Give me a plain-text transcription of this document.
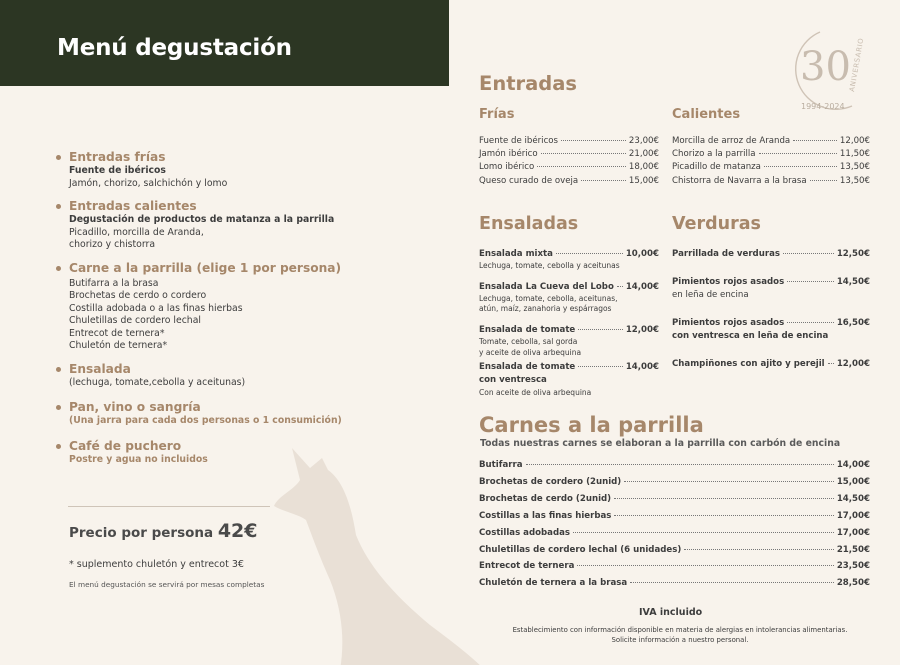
Menú degustación
Entradas frías
Fuente de ibéricos
Jamón, chorizo, salchichón y lomo
Entradas calientes
Degustación de productos de matanza a la parrilla
Picadillo, morcilla de Aranda,
chorizo y chistorra
Carne a la parrilla (elige 1 por persona)
Butifarra a la brasa
Brochetas de cerdo o cordero
Costilla adobada o a las finas hierbas
Chuletillas de cordero lechal
Entrecot de ternera*
Chuletón de ternera*
Ensalada
(lechuga, tomate,cebolla y aceitunas)
Pan, vino o sangría
(Una jarra para cada dos personas o 1 consumición)
Café de puchero
Postre y agua no incluidos
Precio por persona 42€
* suplemento chuletón y entrecot 3€
El menú degustación se servirá por mesas completas
30
ANIVERSARIO
1994-2024
Entradas
Frías	Calientes
Fuente de ibéricos	23,00€
Jamón ibérico	21,00€
Lomo ibérico	18,00€
Queso curado de oveja	15,00€
Morcilla de arroz de Aranda	12,00€
Chorizo a la parrilla	11,50€
Picadillo de matanza	13,50€
Chistorra de Navarra a la brasa	13,50€
Ensaladas
Ensalada mixta	10,00€
Lechuga, tomate, cebolla y aceitunas
Ensalada La Cueva del Lobo 14,00€
Lechuga, tomate, cebolla, aceitunas,
atún, maíz, zanahoria y espárragos
Ensalada de tomate	12,00€
Tomate, cebolla, sal gorda
y aceite de oliva arbequina
Ensalada de tomate	14,00€
con ventresca
Con aceite de oliva arbequina
Verduras
Parrillada de verduras	12,50€
Pimientos rojos asados	14,50€
en leña de encina
Pimientos rojos asados	16,50€
con ventresca en leña de encina
Champiñones con ajito y perejil 12,00€
Carnes a la parrilla
Todas nuestras carnes se elaboran a la parrilla con carbón de encina
Butifarra	14,00€
Brochetas de cordero (2unid)	15,00€
Brochetas de cerdo (2unid)	14,50€
Costillas a las finas hierbas	17,00€
Costillas adobadas	17,00€
Chuletillas de cordero lechal (6 unidades)	21,50€
Entrecot de ternera	23,50€
Chuletón de ternera a la brasa	28,50€
IVA incluido
Establecimiento con información disponible en materia de alergias en intolerancias alimentarias.
Solicite información a nuestro personal.
